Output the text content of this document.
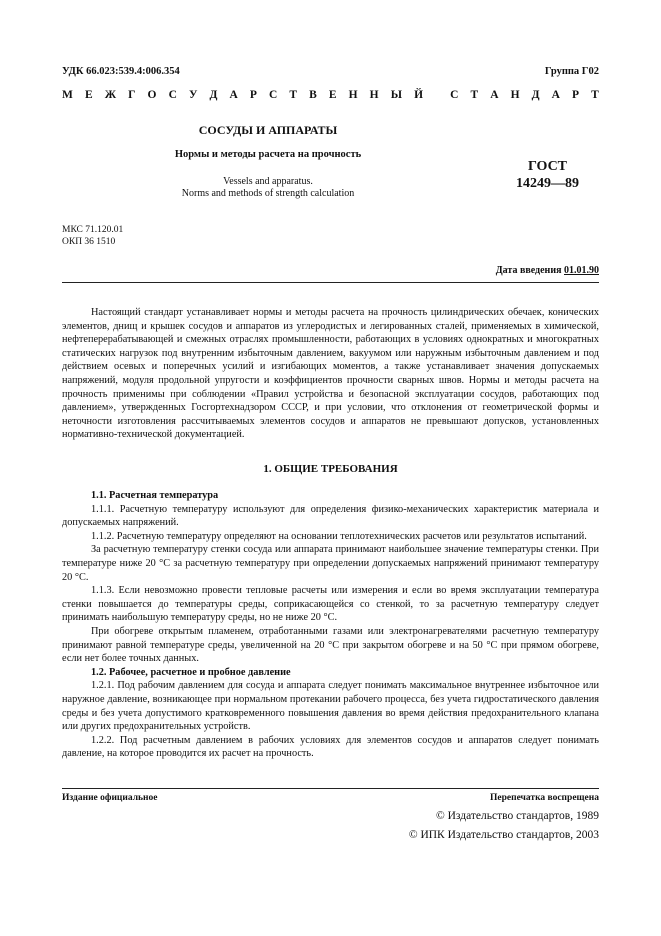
УДК 66.023:539.4:006.354	Группа Г02
М Е Ж Г О С У Д А Р С Т В Е Н Н Ы Й
С Т А Н Д А Р Т
СОСУДЫ И АППАРАТЫ
Нормы и методы расчета на прочность
Vessels and apparatus.
Norms and methods of strength calculation
ГОСТ
14249—89
МКС 71.120.01
ОКП 36 1510
Дата введения 01.01.90

Настоящий стандарт устанавливает нормы и методы расчета на прочность цилиндрических обечаек, конических элементов, днищ и крышек сосудов и аппаратов из углеродистых и легированных сталей, применяемых в химической, нефтеперерабатывающей и смежных отраслях промышленности, работающих в условиях однократных и многократных статических нагрузок под внутренним избыточным давлением, вакуумом или наружным избыточным давлением и под действием осевых и поперечных усилий и изгибающих моментов, а также устанавливает значения допускаемых напряжений, модуля продольной упругости и коэффициентов прочности сварных швов. Нормы и методы расчета на прочность применимы при соблюдении «Правил устройства и безопасной эксплуатации сосудов, работающих под давлением», утвержденных Госгортехнадзором СССР, и при условии, что отклонения от геометрической формы и неточности изготовления рассчитываемых элементов сосудов и аппаратов не превышают допусков, установленных нормативно-технической документацией.

1. ОБЩИЕ ТРЕБОВАНИЯ

1.1. Расчетная температура

1.1.1. Расчетную температуру используют для определения физико-механических характеристик материала и допускаемых напряжений.

1.1.2. Расчетную температуру определяют на основании теплотехнических расчетов или результатов испытаний.

За расчетную температуру стенки сосуда или аппарата принимают наибольшее значение температуры стенки. При температуре ниже 20 °С за расчетную температуру при определении допускаемых напряжений принимают температуру 20 °С.

1.1.3. Если невозможно провести тепловые расчеты или измерения и если во время эксплуатации температура стенки повышается до температуры среды, соприкасающейся со стенкой, то за расчетную температуру следует принимать наибольшую температуру среды, но не ниже 20 °С.

При обогреве открытым пламенем, отработанными газами или электронагревателями расчетную температуру принимают равной температуре среды, увеличенной на 20 °С при закрытом обогреве и на 50 °С при прямом обогреве, если нет более точных данных.

1.2. Рабочее, расчетное и пробное давление

1.2.1. Под рабочим давлением для сосуда и аппарата следует понимать максимальное внутреннее избыточное или наружное давление, возникающее при нормальном протекании рабочего процесса, без учета гидростатического давления среды и без учета допустимого кратковременного повышения давления во время действия предохранительного клапана или других предохранительных устройств.

1.2.2. Под расчетным давлением в рабочих условиях для элементов сосудов и аппаратов следует понимать давление, на которое проводится их расчет на прочность.

Издание официальное	Перепечатка воспрещена
© Издательство стандартов, 1989
© ИПК Издательство стандартов, 2003
